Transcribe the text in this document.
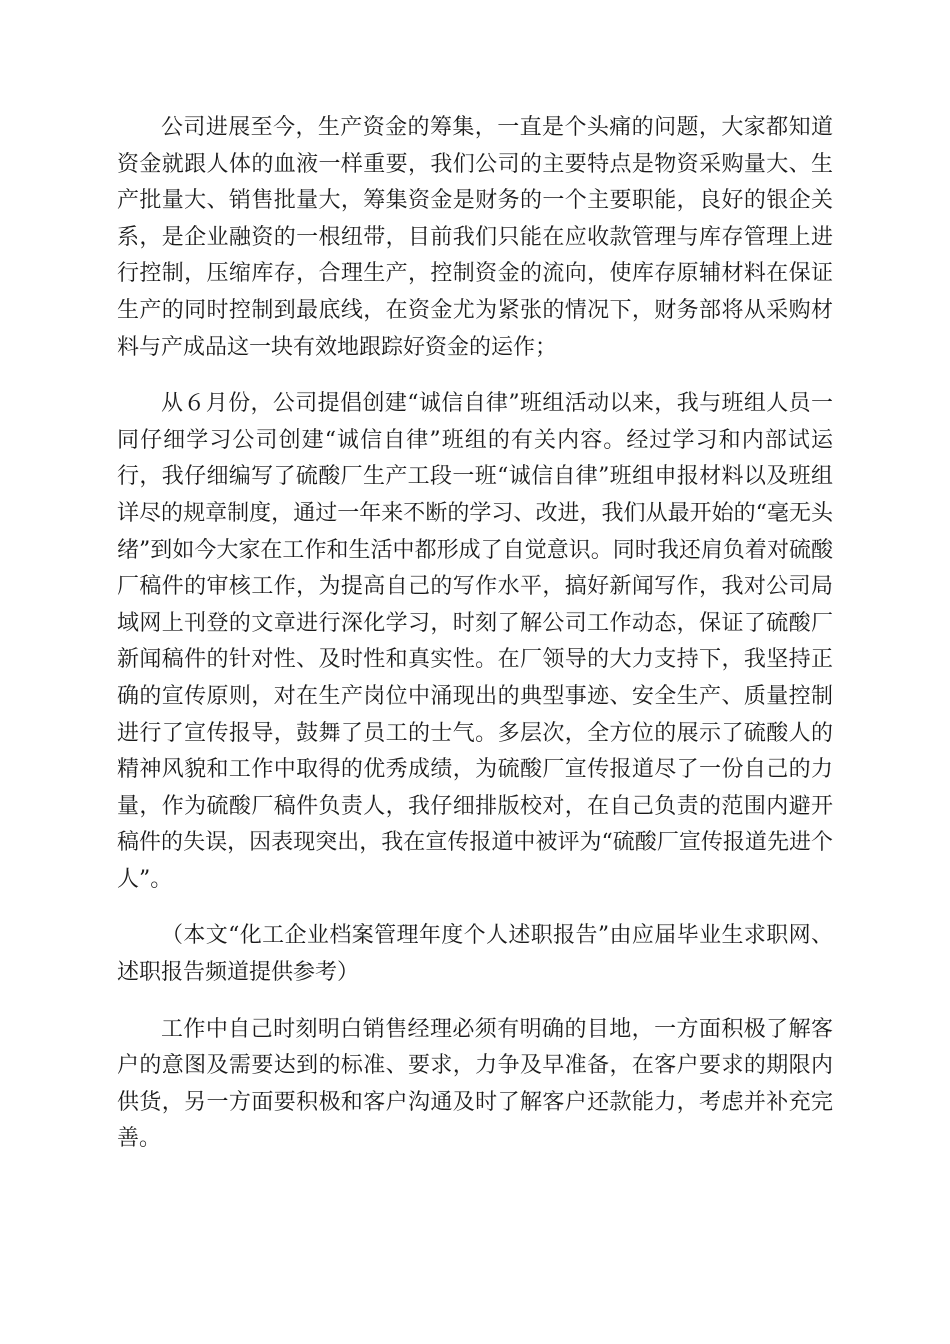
公司进展至今，生产资金的筹集，一直是个头痛的问题，大家都知道资金就跟人体的血液一样重要，我们公司的主要特点是物资采购量大、生产批量大、销售批量大，筹集资金是财务的一个主要职能，良好的银企关系，是企业融资的一根纽带，目前我们只能在应收款管理与库存管理上进行控制，压缩库存，合理生产，控制资金的流向，使库存原辅材料在保证生产的同时控制到最底线，在资金尤为紧张的情况下，财务部将从采购材料与产成品这一块有效地跟踪好资金的运作；

从６月份，公司提倡创建“诚信自律”班组活动以来，我与班组人员一同仔细学习公司创建“诚信自律”班组的有关内容。经过学习和内部试运行，我仔细编写了硫酸厂生产工段一班“诚信自律”班组申报材料以及班组详尽的规章制度，通过一年来不断的学习、改进，我们从最开始的“毫无头绪”到如今大家在工作和生活中都形成了自觉意识。同时我还肩负着对硫酸厂稿件的审核工作，为提高自己的写作水平，搞好新闻写作，我对公司局域网上刊登的文章进行深化学习，时刻了解公司工作动态，保证了硫酸厂新闻稿件的针对性、及时性和真实性。在厂领导的大力支持下，我坚持正确的宣传原则，对在生产岗位中涌现出的典型事迹、安全生产、质量控制进行了宣传报导，鼓舞了员工的士气。多层次，全方位的展示了硫酸人的精神风貌和工作中取得的优秀成绩，为硫酸厂宣传报道尽了一份自己的力量，作为硫酸厂稿件负责人，我仔细排版校对，在自己负责的范围内避开稿件的失误，因表现突出，我在宣传报道中被评为“硫酸厂宣传报道先进个人”。

（本文“化工企业档案管理年度个人述职报告”由应届毕业生求职网、述职报告频道提供参考）

工作中自己时刻明白销售经理必须有明确的目地，一方面积极了解客户的意图及需要达到的标准、要求，力争及早准备，在客户要求的期限内供货，另一方面要积极和客户沟通及时了解客户还款能力，考虑并补充完善。
